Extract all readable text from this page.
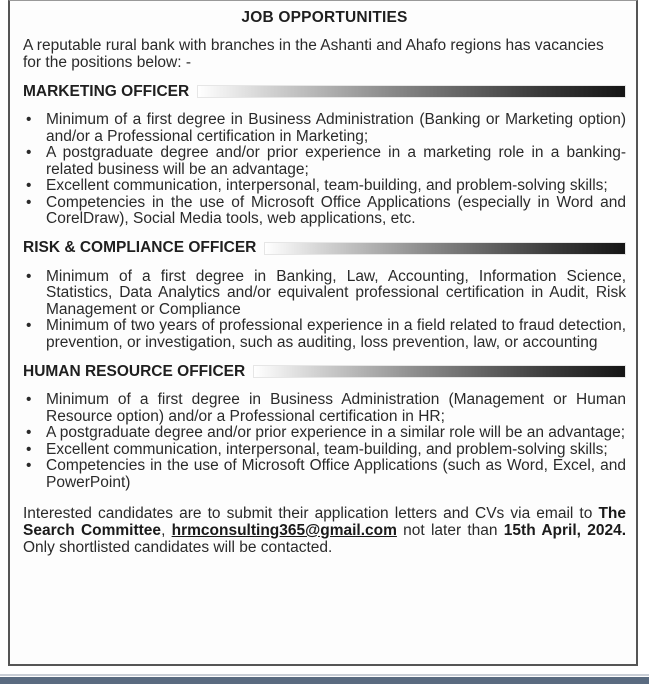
JOB OPPORTUNITIES

A reputable rural bank with branches in the Ashanti and Ahafo regions has vacancies for the positions below: -

MARKETING OFFICER
• Minimum of a first degree in Business Administration (Banking or Marketing option) and/or a Professional certification in Marketing;
• A postgraduate degree and/or prior experience in a marketing role in a banking-related business will be an advantage;
• Excellent communication, interpersonal, team-building, and problem-solving skills;
• Competencies in the use of Microsoft Office Applications (especially in Word and CorelDraw), Social Media tools, web applications, etc.
RISK & COMPLIANCE OFFICER
• Minimum of a first degree in Banking, Law, Accounting, Information Science, Statistics, Data Analytics and/or equivalent professional certification in Audit, Risk Management or Compliance
• Minimum of two years of professional experience in a field related to fraud detection, prevention, or investigation, such as auditing, loss prevention, law, or accounting
HUMAN RESOURCE OFFICER
• Minimum of a first degree in Business Administration (Management or Human Resource option) and/or a Professional certification in HR;
• A postgraduate degree and/or prior experience in a similar role will be an advantage;
• Excellent communication, interpersonal, team-building, and problem-solving skills;
• Competencies in the use of Microsoft Office Applications (such as Word, Excel, and PowerPoint)

Interested candidates are to submit their application letters and CVs via email to The Search Committee, hrmconsulting365@gmail.com not later than 15th April, 2024. Only shortlisted candidates will be contacted.
